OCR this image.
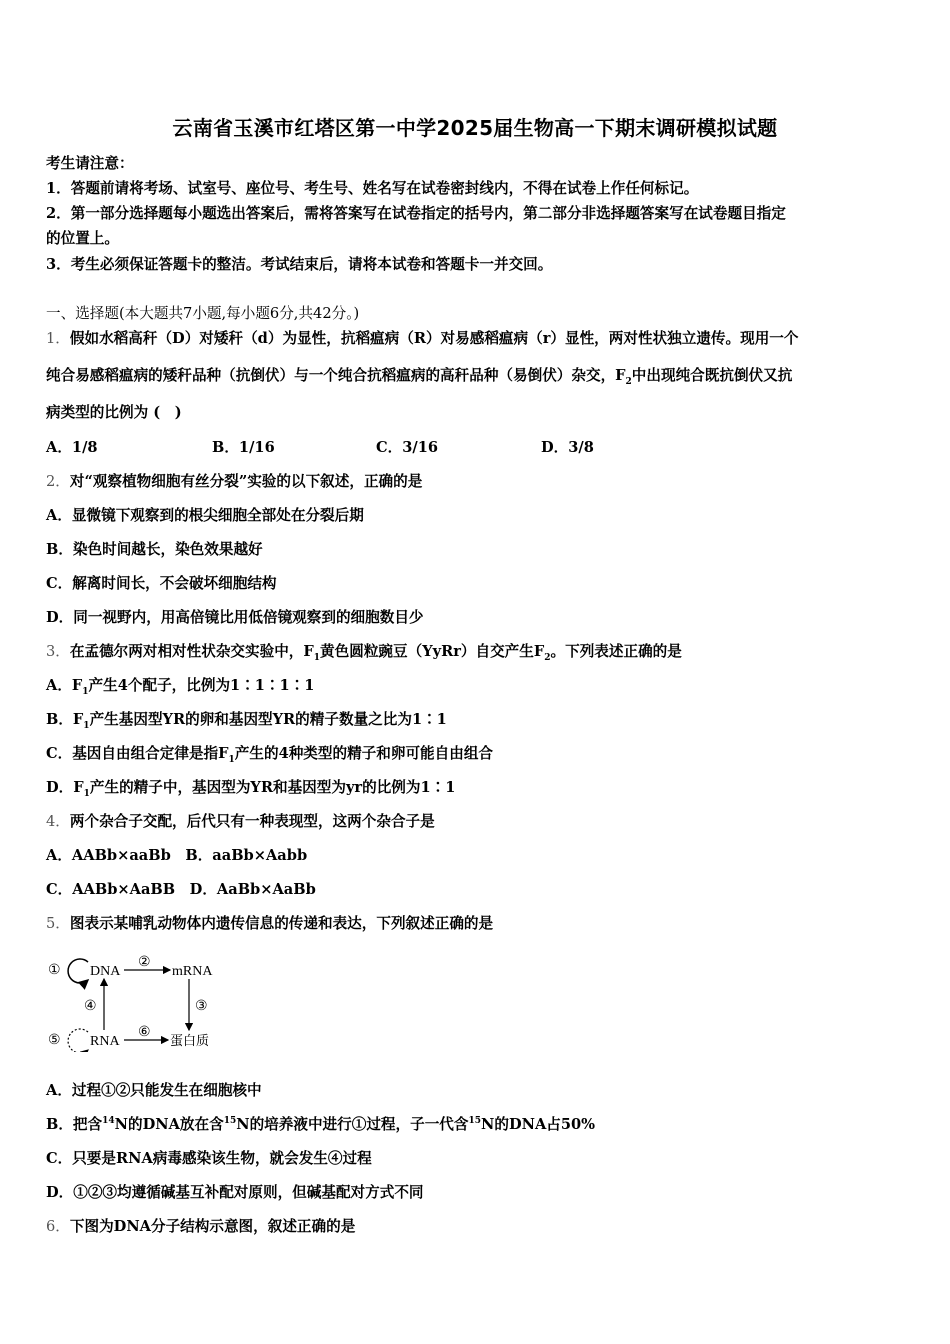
云南省玉溪市红塔区第一中学2025届生物高一下期末调研模拟试题
考生请注意：
1．答题前请将考场、试室号、座位号、考生号、姓名写在试卷密封线内，不得在试卷上作任何标记。
2．第一部分选择题每小题选出答案后，需将答案写在试卷指定的括号内，第二部分非选择题答案写在试卷题目指定
的位置上。
3．考生必须保证答题卡的整洁。考试结束后，请将本试卷和答题卡一并交回。
一、选择题(本大题共7小题,每小题6分,共42分。)
1．假如水稻高秆（D）对矮秆（d）为显性，抗稻瘟病（R）对易感稻瘟病（r）显性，两对性状独立遗传。现用一个
纯合易感稻瘟病的矮秆品种（抗倒伏）与一个纯合抗稻瘟病的高秆品种（易倒伏）杂交，$F_2$中出现纯合既抗倒伏又抗
病类型的比例为 (　)
A．1/8	B．1/16	C．3/16	D．3/8
2．对“观察植物细胞有丝分裂”实验的以下叙述，正确的是
A．显微镜下观察到的根尖细胞全部处在分裂后期
B．染色时间越长，染色效果越好
C．解离时间长，不会破坏细胞结构
D．同一视野内，用高倍镜比用低倍镜观察到的细胞数目少
3．在孟德尔两对相对性状杂交实验中，$F_1$黄色圆粒豌豆（YyRr）自交产生$F_2$。下列表述正确的是
A．$F_1$产生4个配子，比例为1∶1∶1∶1
B．$F_1$产生基因型YR的卵和基因型YR的精子数量之比为1∶1
C．基因自由组合定律是指$F_1$产生的4种类型的精子和卵可能自由组合
D．$F_1$产生的精子中，基因型为YR和基因型为yr的比例为1∶1
4．两个杂合子交配，后代只有一种表现型，这两个杂合子是
A．AABb×aaBb　B．aaBb×Aabb
C．AABb×AaBB　D．AaBb×AaBb
5．图表示某哺乳动物体内遗传信息的传递和表达，下列叙述正确的是
DNA	mRNA
RNA	蛋白质
①
②
③
④
⑤
⑥
A．过程①②只能发生在细胞核中
B．把含$^{14}$N的DNA放在含$^{15}$N的培养液中进行①过程，子一代含$^{15}$N的DNA占50%
C．只要是RNA病毒感染该生物，就会发生④过程
D．①②③均遵循碱基互补配对原则，但碱基配对方式不同
6．下图为DNA分子结构示意图，叙述正确的是
